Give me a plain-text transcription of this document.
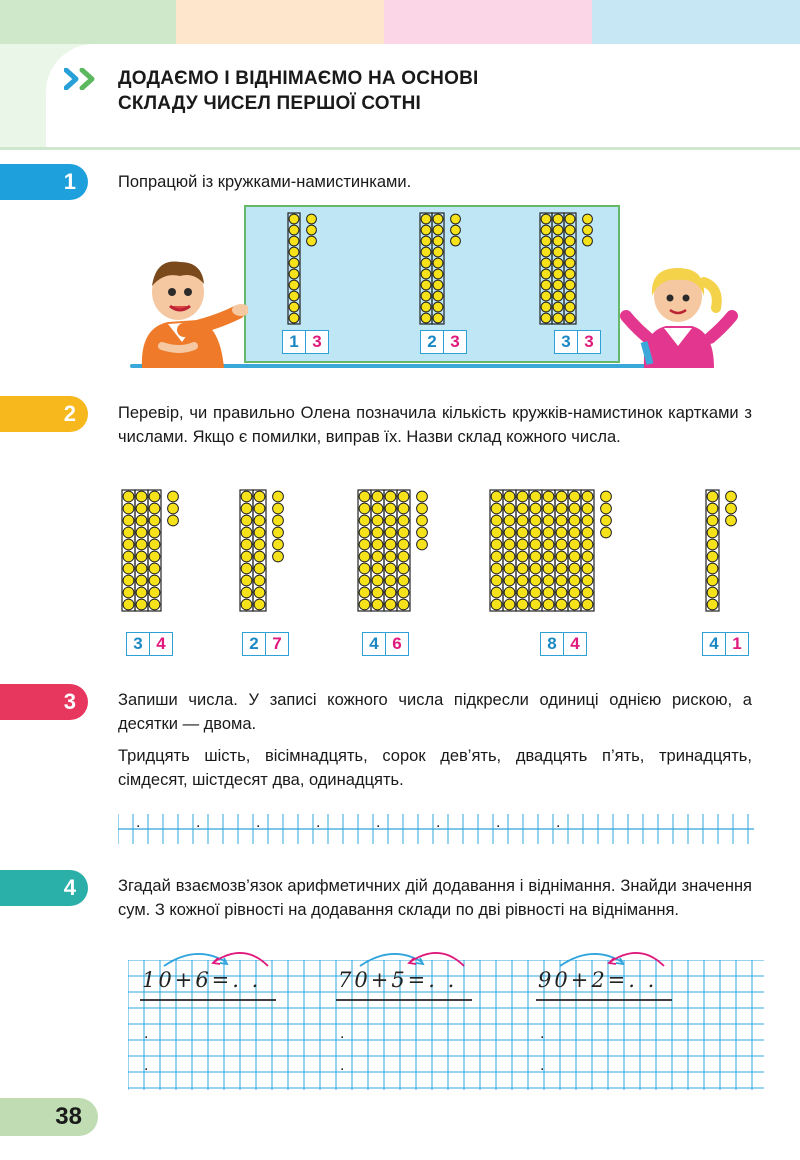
ДОДАЄМО І ВІДНІМАЄМО НА ОСНОВІ
СКЛАДУ ЧИСЕЛ ПЕРШОЇ СОТНІ
1	Попрацюй із кружками-намистинками.
1 3	2 3	3 3
2	Перевір, чи правильно Олена позначила кількість кружків-намистинок картками з числами. Якщо є помилки, виправ їх. Назви склад кожного числа.
3 4	2 7	4 6	8 4	4 1
3	Запиши числа. У записі кожного числа підкресли одиниці однією рискою, а десятки — двома.

Тридцять шість, вісімнадцять, сорок дев’ять, двадцять п’ять, тринадцять, сімдесят, шістдесят два, одинадцять.

.	.	.	.	.	.	.	.
4	Згадай взаємозв’язок арифметичних дій додавання і віднімання. Знайди значення сум. З кожної рівності на додавання склади по дві рівності на віднімання.
.
.
.
.
.
.
10+6=. .	70+5=. .	90+2=. .
38
